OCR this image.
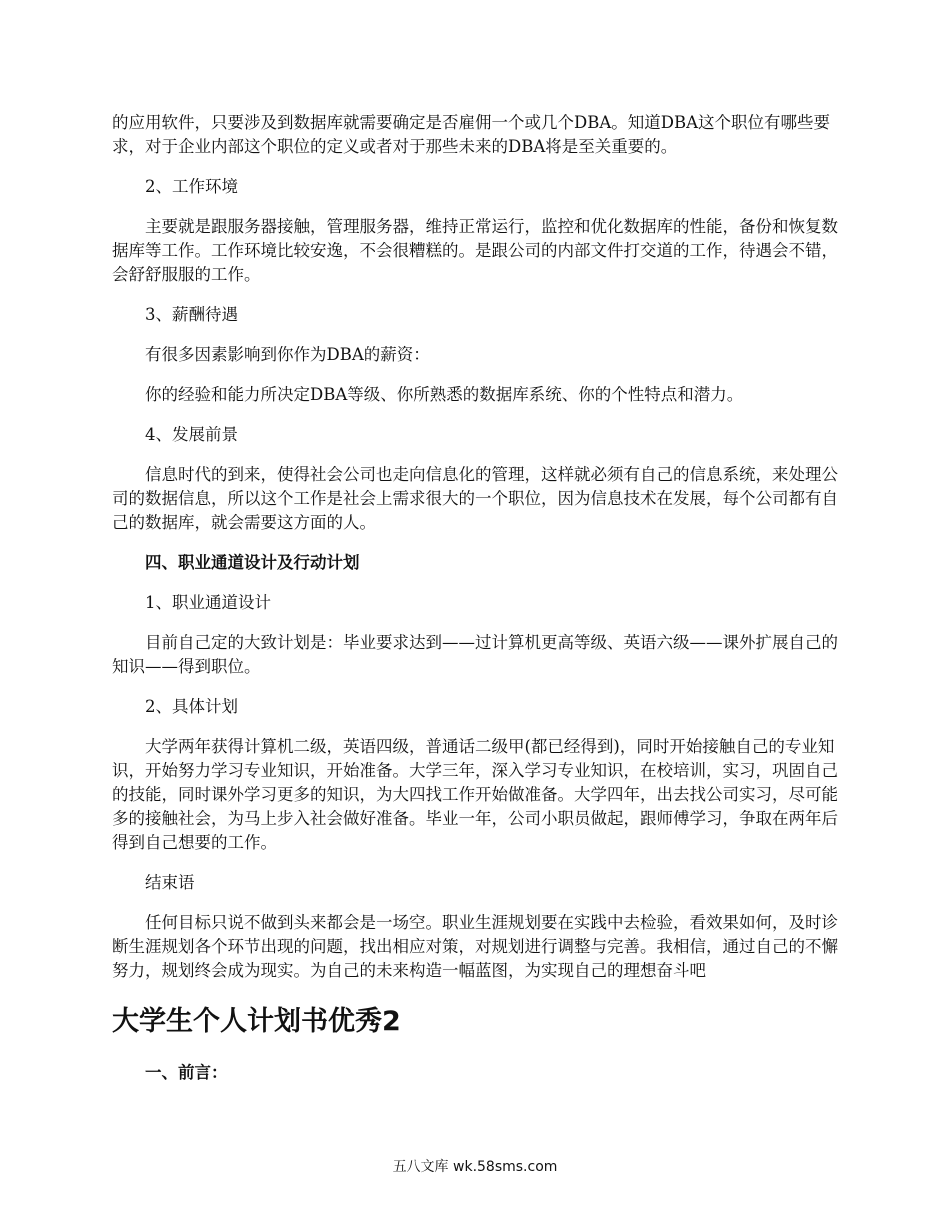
的应用软件，只要涉及到数据库就需要确定是否雇佣一个或几个DBA。知道DBA这个职位有哪些要求，对于企业内部这个职位的定义或者对于那些未来的DBA将是至关重要的。

2、工作环境

主要就是跟服务器接触，管理服务器，维持正常运行，监控和优化数据库的性能，备份和恢复数据库等工作。工作环境比较安逸，不会很糟糕的。是跟公司的内部文件打交道的工作，待遇会不错，会舒舒服服的工作。

3、薪酬待遇

有很多因素影响到你作为DBA的薪资：

你的经验和能力所决定DBA等级、你所熟悉的数据库系统、你的个性特点和潜力。

4、发展前景

信息时代的到来，使得社会公司也走向信息化的管理，这样就必须有自己的信息系统，来处理公司的数据信息，所以这个工作是社会上需求很大的一个职位，因为信息技术在发展，每个公司都有自己的数据库，就会需要这方面的人。

四、职业通道设计及行动计划

1、职业通道设计

目前自己定的大致计划是：毕业要求达到——过计算机更高等级、英语六级——课外扩展自己的知识——得到职位。

2、具体计划

大学两年获得计算机二级，英语四级，普通话二级甲(都已经得到)，同时开始接触自己的专业知识，开始努力学习专业知识，开始准备。大学三年，深入学习专业知识，在校培训，实习，巩固自己的技能，同时课外学习更多的知识，为大四找工作开始做准备。大学四年，出去找公司实习，尽可能多的接触社会，为马上步入社会做好准备。毕业一年，公司小职员做起，跟师傅学习，争取在两年后得到自己想要的工作。

结束语

任何目标只说不做到头来都会是一场空。职业生涯规划要在实践中去检验，看效果如何，及时诊断生涯规划各个环节出现的问题，找出相应对策，对规划进行调整与完善。我相信，通过自己的不懈努力，规划终会成为现实。为自己的未来构造一幅蓝图，为实现自己的理想奋斗吧

大学生个人计划书优秀2

一、前言：

五八文库 wk.58sms.com
